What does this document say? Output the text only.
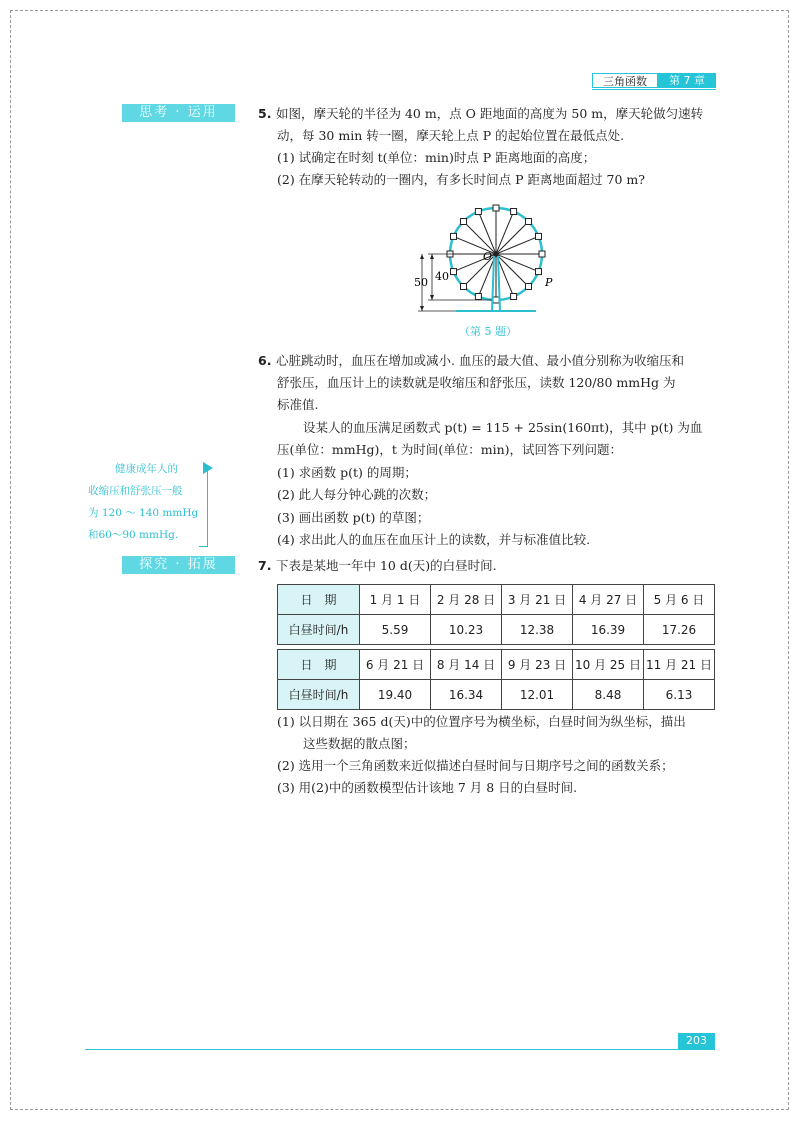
三角函数	第 7 章
思考 · 运用
探究 · 拓展
健康成年人的
收缩压和舒张压一般
为 120 ～ 140 mmHg
和60～90 mmHg.
5. 如图，摩天轮的半径为 40 m，点 O 距地面的高度为 50 m，摩天轮做匀速转
动，每 30 min 转一圈，摩天轮上点 P 的起始位置在最低点处.
(1) 试确定在时刻 t(单位：min)时点 P 距离地面的高度；
(2) 在摩天轮转动的一圈内，有多长时间点 P 距离地面超过 70 m?
40
50
O
P
（第 5 题）
6. 心脏跳动时，血压在增加或减小. 血压的最大值、最小值分别称为收缩压和
舒张压，血压计上的读数就是收缩压和舒张压，读数 120/80 mmHg 为
标准值.
设某人的血压满足函数式 p(t) = 115 + 25sin(160πt)，其中 p(t) 为血
压(单位：mmHg)，t 为时间(单位：min)，试回答下列问题：
(1) 求函数 p(t) 的周期；
(2) 此人每分钟心跳的次数；
(3) 画出函数 p(t) 的草图；
(4) 求出此人的血压在血压计上的读数，并与标准值比较.
7. 下表是某地一年中 10 d(天)的白昼时间.
日　期	1 月 1 日	2 月 28 日	3 月 21 日	4 月 27 日	5 月 6 日
白昼时间/h	5.59	10.23	12.38	16.39	17.26

日　期	6 月 21 日	8 月 14 日	9 月 23 日	10 月 25 日	11 月 21 日
白昼时间/h	19.40	16.34	12.01	8.48	6.13
(1) 以日期在 365 d(天)中的位置序号为横坐标，白昼时间为纵坐标，描出
这些数据的散点图；
(2) 选用一个三角函数来近似描述白昼时间与日期序号之间的函数关系；
(3) 用(2)中的函数模型估计该地 7 月 8 日的白昼时间.
203
